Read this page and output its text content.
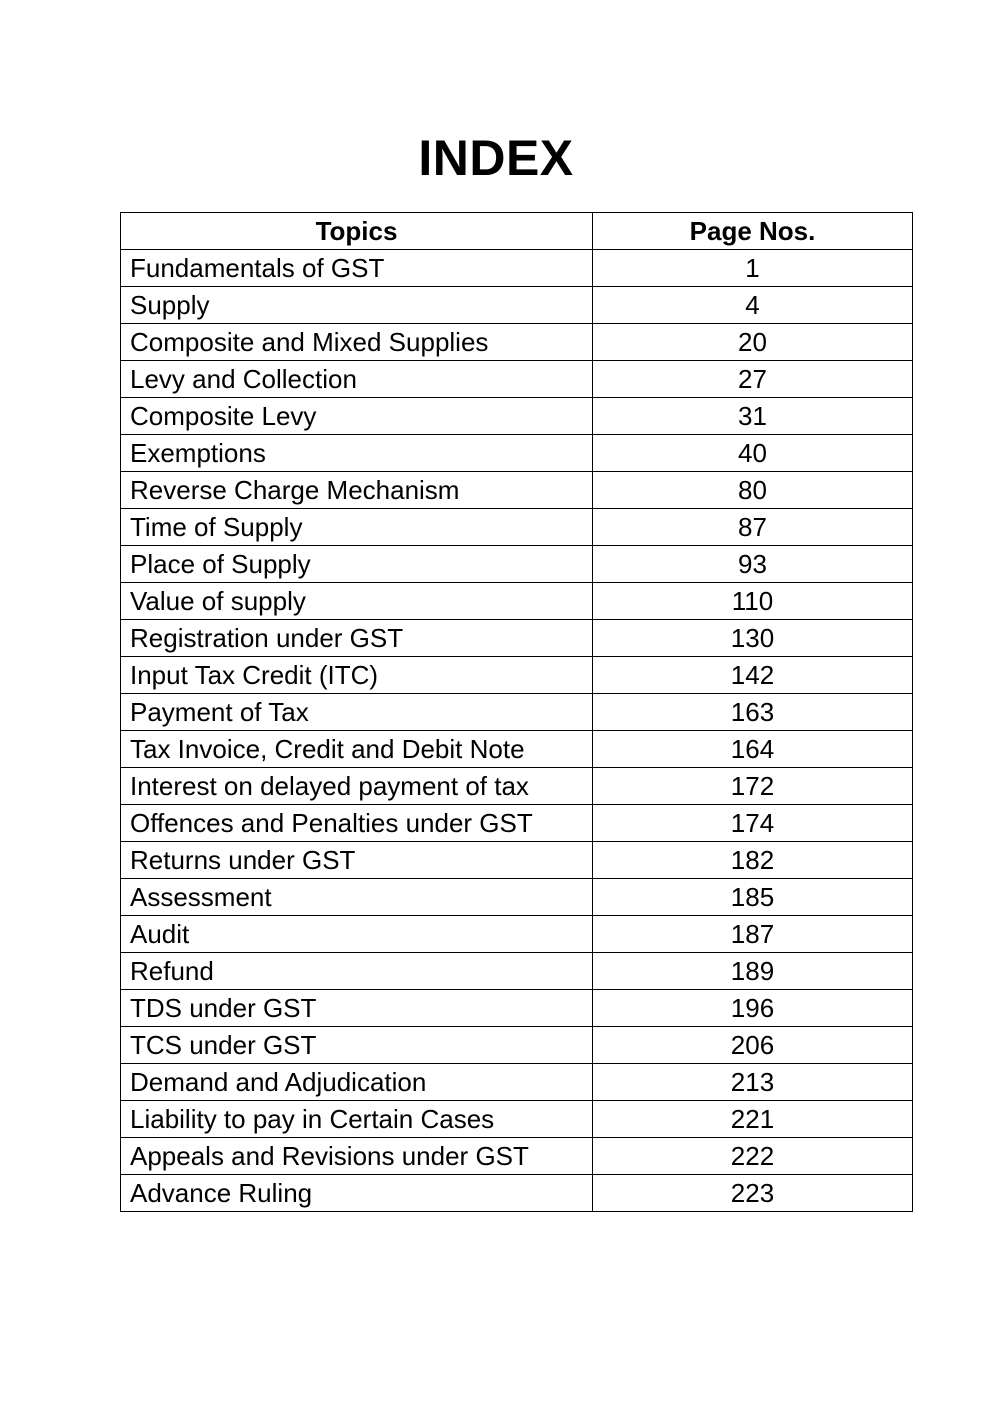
INDEX
Topics	Page Nos.
Fundamentals of GST	1
Supply	4
Composite and Mixed Supplies	20
Levy and Collection	27
Composite Levy	31
Exemptions	40
Reverse Charge Mechanism	80
Time of Supply	87
Place of Supply	93
Value of supply	110
Registration under GST	130
Input Tax Credit (ITC)	142
Payment of Tax	163
Tax Invoice, Credit and Debit Note	164
Interest on delayed payment of tax	172
Offences and Penalties under GST	174
Returns under GST	182
Assessment	185
Audit	187
Refund	189
TDS under GST	196
TCS under GST	206
Demand and Adjudication	213
Liability to pay in Certain Cases	221
Appeals and Revisions under GST	222
Advance Ruling	223
